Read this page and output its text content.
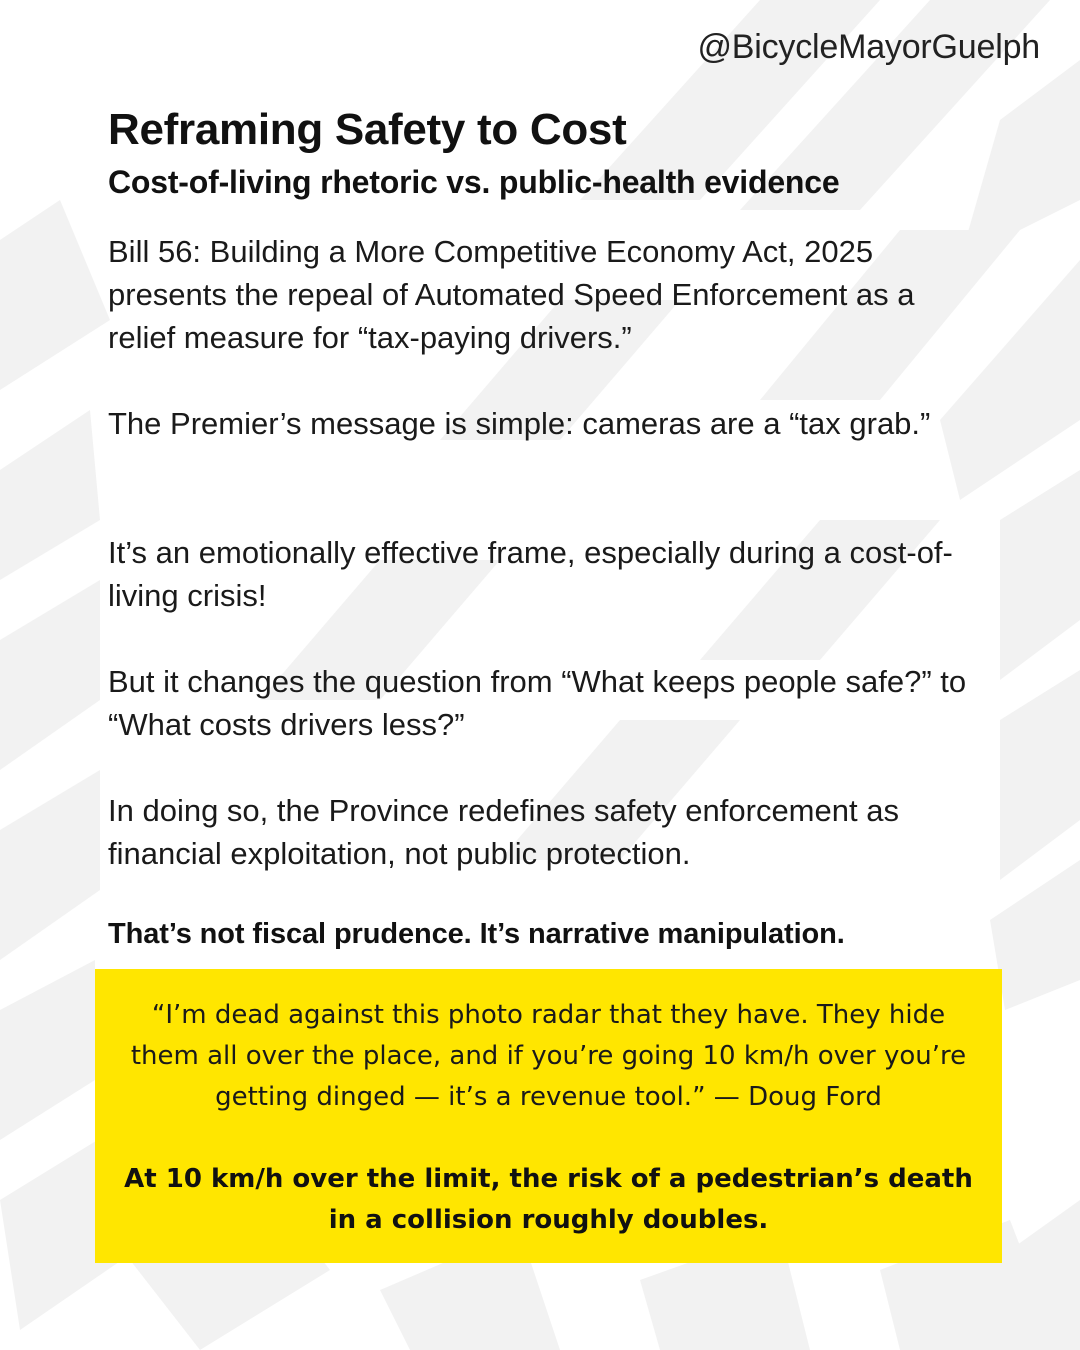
@BicycleMayorGuelph
Reframing Safety to Cost
Cost-of-living rhetoric vs. public-health evidence

Bill 56: Building a More Competitive Economy Act, 2025 presents the repeal of Automated Speed Enforcement as a relief measure for “tax-paying drivers.”

The Premier’s message is simple: cameras are a “tax grab.”

It’s an emotionally effective frame, especially during a cost-of-living crisis!

But it changes the question from “What keeps people safe?” to “What costs drivers less?”

In doing so, the Province redefines safety enforcement as financial exploitation, not public protection.

That’s not fiscal prudence. It’s narrative manipulation.

“I’m dead against this photo radar that they have. They hide them all over the place, and if you’re going 10 km/h over you’re getting dinged — it’s a revenue tool.” — Doug Ford

At 10 km/h over the limit, the risk of a pedestrian’s death in a collision roughly doubles.
